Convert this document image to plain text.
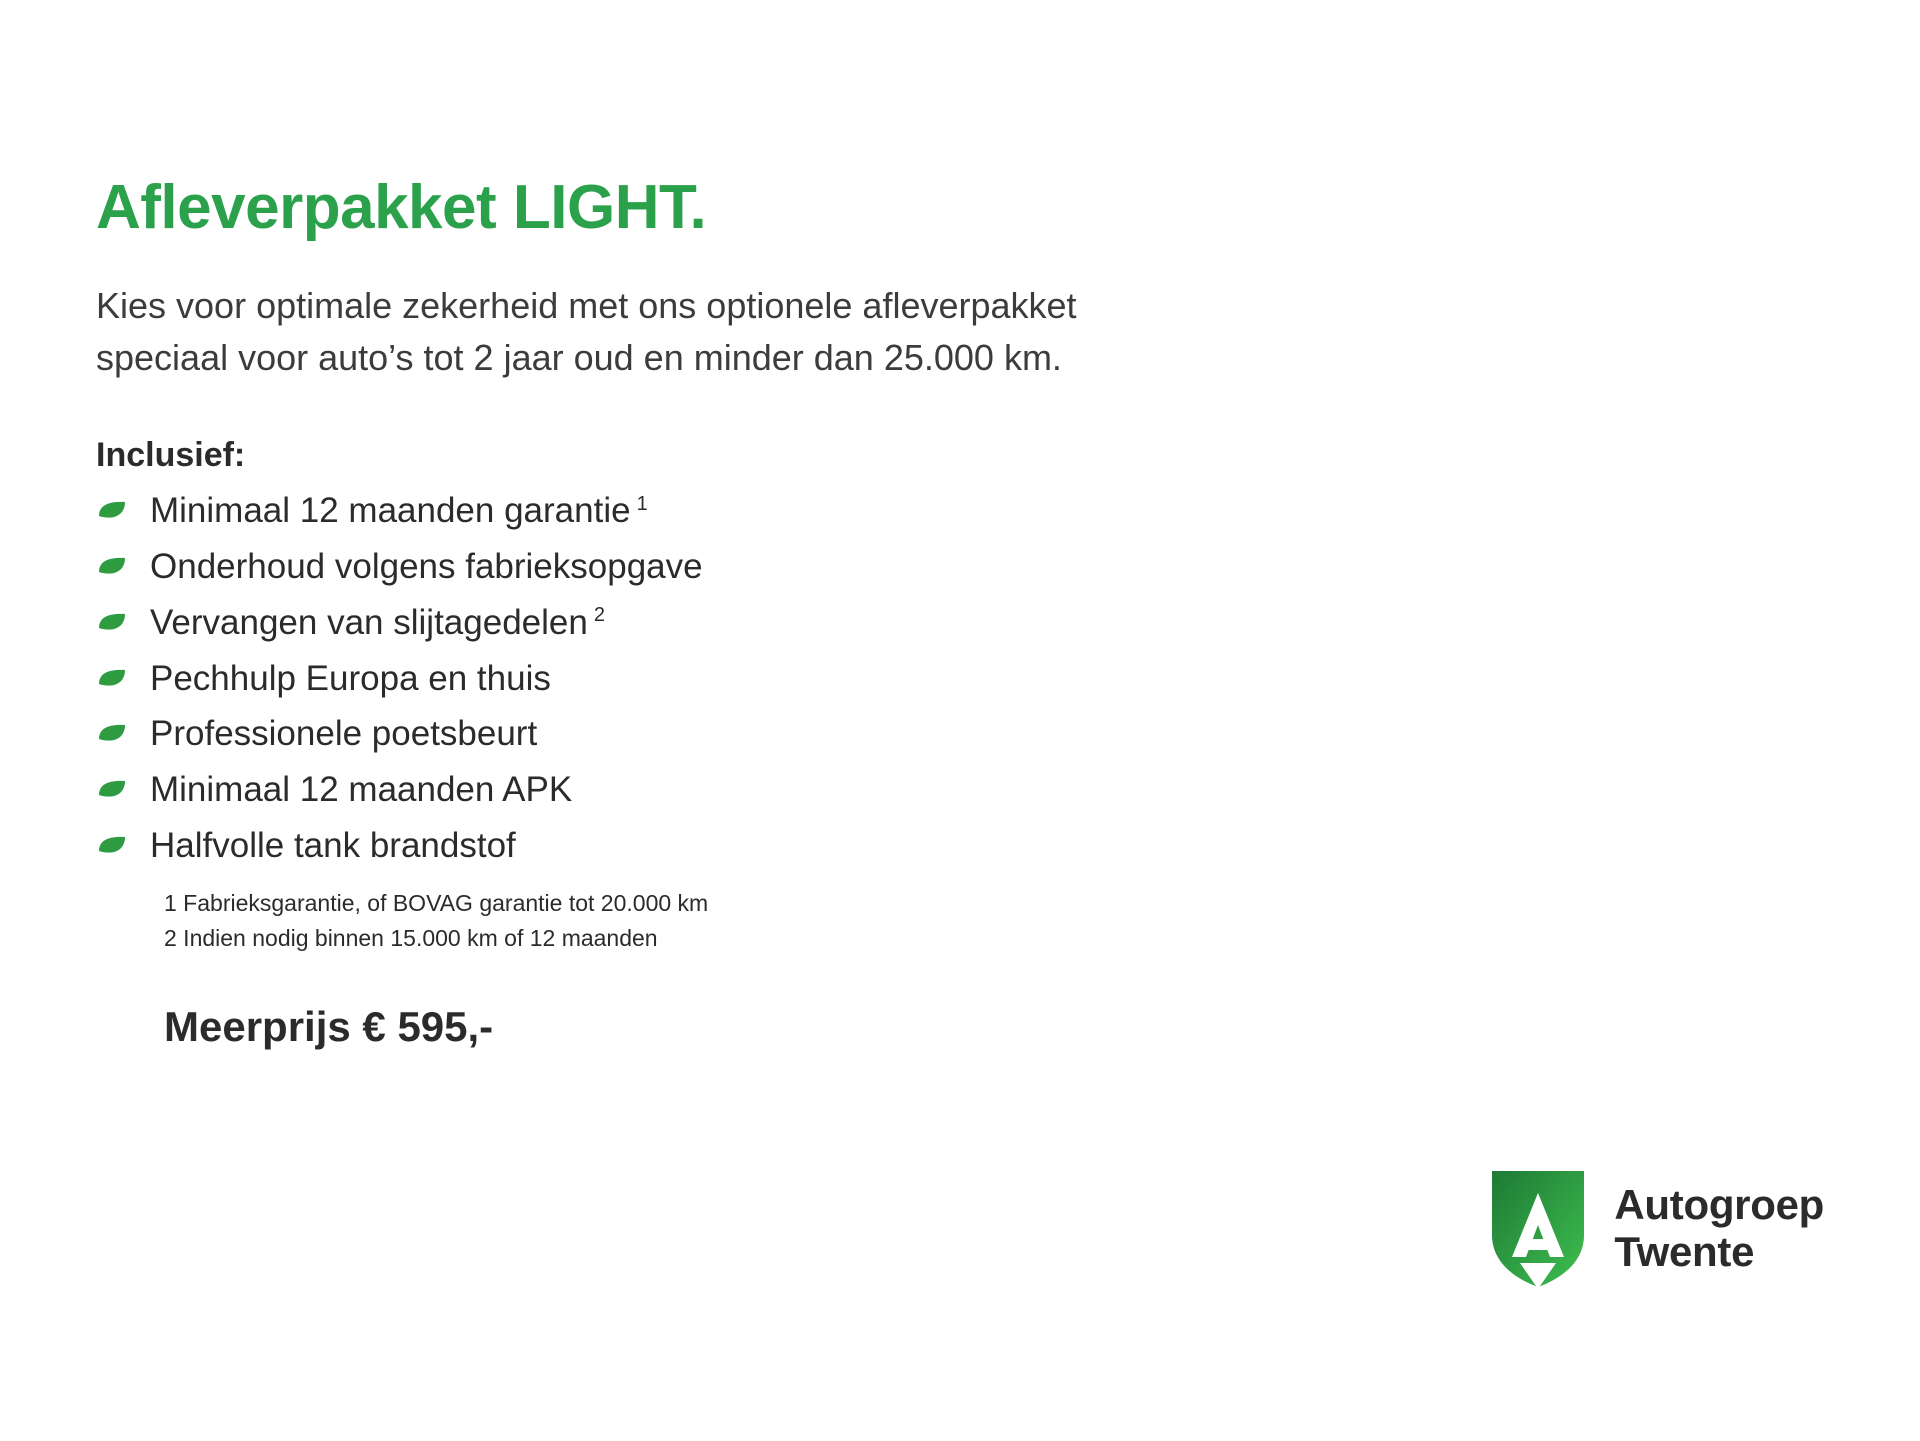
Afleverpakket LIGHT.

Kies voor optimale zekerheid met ons optionele afleverpakket
speciaal voor auto’s tot 2 jaar oud en minder dan 25.000 km.

Inclusief:
Minimaal 12 maanden garantie $^1$
Onderhoud volgens fabrieksopgave
Vervangen van slijtagedelen $^2$
Pechhulp Europa en thuis
Professionele poetsbeurt
Minimaal 12 maanden APK
Halfvolle tank brandstof
1 Fabrieksgarantie, of BOVAG garantie tot 20.000 km
2 Indien nodig binnen 15.000 km of 12 maanden
Meerprijs € 595,-
Autogroep
Twente
